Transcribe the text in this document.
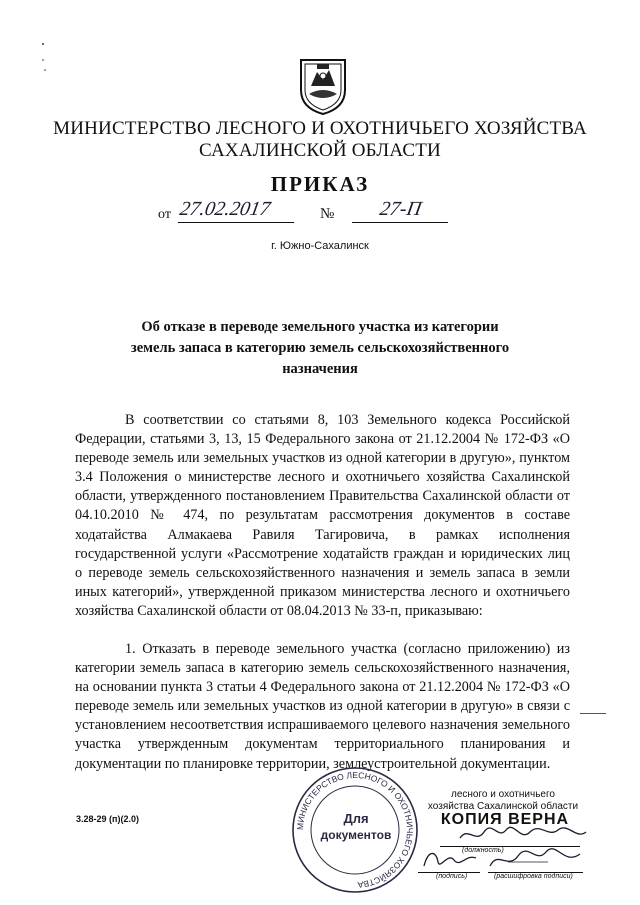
МИНИСТЕРСТВО ЛЕСНОГО И ОХОТНИЧЬЕГО ХОЗЯЙСТВА
САХАЛИНСКОЙ ОБЛАСТИ
ПРИКАЗ
от 27.02.2017	№ 27-П
г. Южно-Сахалинск
Об отказе в переводе земельного участка из категории
земель запаса в категорию земель сельскохозяйственного
назначения
В соответствии со статьями 8, 103 Земельного кодекса Российской Федерации, статьями 3, 13, 15 Федерального закона от 21.12.2004 № 172-ФЗ «О переводе земель или земельных участков из одной категории в другую», пунктом 3.4 Положения о министерстве лесного и охотничьего хозяйства Сахалинской области, утвержденного постановлением Правительства Сахалинской области от 04.10.2010 № 474, по результатам рассмотрения документов в составе ходатайства Алмакаева Равиля Тагировича, в рамках исполнения государственной услуги «Рассмотрение ходатайств граждан и юридических лиц о переводе земель сельскохозяйственного назначения и земель запаса в земли иных категорий», утвержденной приказом министерства лесного и охотничьего хозяйства Сахалинской области от 08.04.2013 № 33-п, приказываю:
1. Отказать в переводе земельного участка (согласно приложению) из категории земель запаса в категорию земель сельскохозяйственного назначения, на основании пункта 3 статьи 4 Федерального закона от 21.12.2004 № 172-ФЗ «О переводе земель или земельных участков из одной категории в другую» в связи с установлением несоответствия испрашиваемого целевого назначения земельного участка утвержденным документам территориального планирования и документации по планировке территории, землеустроительной документации.
3.28-29 (п)(2.0)
МИНИСТЕРСТВО ЛЕСНОГО И ОХОТНИЧЬЕГО ХОЗЯЙСТВА
Для
документов
лесного и охотничьего
хозяйства Сахалинской области
КОПИЯ ВЕРНА
(должность)
(подпись)	(расшифровка подписи)
